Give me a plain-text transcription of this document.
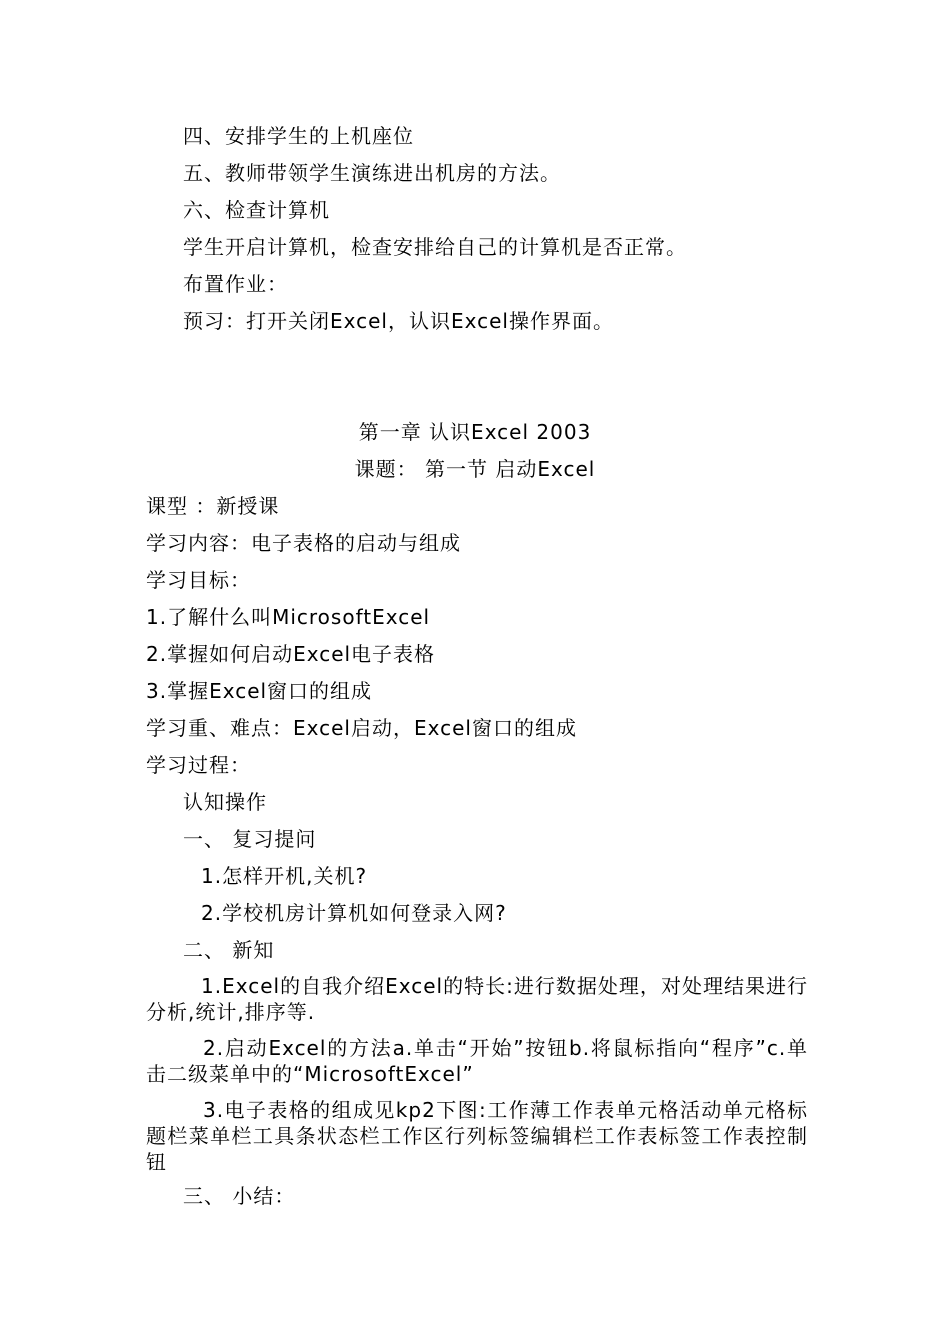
四、安排学生的上机座位
五、教师带领学生演练进出机房的方法。
六、检查计算机
学生开启计算机，检查安排给自己的计算机是否正常。
布置作业：
预习：打开关闭Excel，认识Excel操作界面。
第一章 认识Excel 2003
课题： 第一节 启动Excel
课型 ：新授课
学习内容：电子表格的启动与组成
学习目标：
1.了解什么叫MicrosoftExcel
2.掌握如何启动Excel电子表格
3.掌握Excel窗口的组成
学习重、难点：Excel启动，Excel窗口的组成
学习过程：
认知操作
一、 复习提问
1.怎样开机,关机?
2.学校机房计算机如何登录入网?
二、 新知
1.Excel的自我介绍Excel的特长:进行数据处理，对处理结果进行分析,统计,排序等.
2.启动Excel的方法a.单击“开始”按钮b.将鼠标指向“程序”c.单击二级菜单中的“MicrosoftExcel”
3.电子表格的组成见kp2下图:工作薄工作表单元格活动单元格标题栏菜单栏工具条状态栏工作区行列标签编辑栏工作表标签工作表控制钮
三、 小结：
